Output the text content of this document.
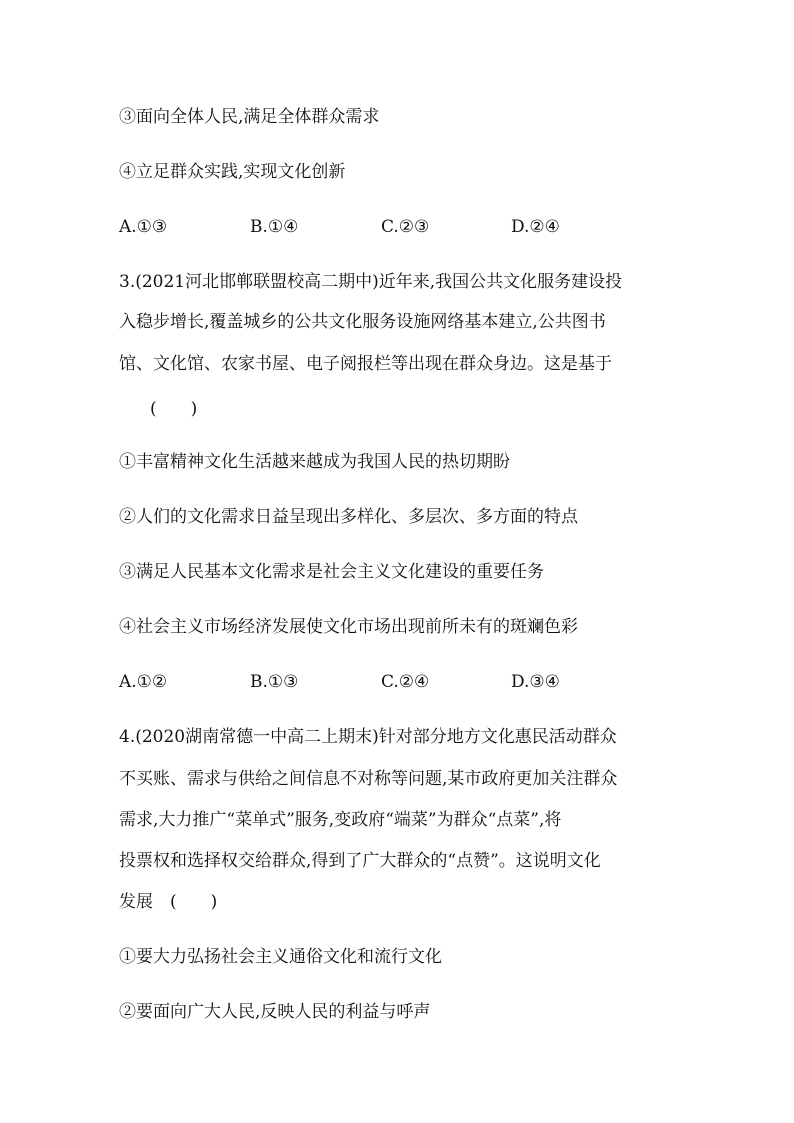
③面向全体人民,满足全体群众需求
④立足群众实践,实现文化创新
A.①③	B.①④	C.②③	D.②④
3.(2021河北邯郸联盟校高二期中)近年来,我国公共文化服务建设投
入稳步增长,覆盖城乡的公共文化服务设施网络基本建立,公共图书
馆、文化馆、农家书屋、电子阅报栏等出现在群众身边。这是基于
(　　)
①丰富精神文化生活越来越成为我国人民的热切期盼
②人们的文化需求日益呈现出多样化、多层次、多方面的特点
③满足人民基本文化需求是社会主义文化建设的重要任务
④社会主义市场经济发展使文化市场出现前所未有的斑斓色彩
A.①②	B.①③	C.②④	D.③④
4.(2020湖南常德一中高二上期末)针对部分地方文化惠民活动群众
不买账、需求与供给之间信息不对称等问题,某市政府更加关注群众
需求,大力推广“菜单式”服务,变政府“端菜”为群众“点菜”,将
投票权和选择权交给群众,得到了广大群众的“点赞”。这说明文化
发展　(　　)
①要大力弘扬社会主义通俗文化和流行文化
②要面向广大人民,反映人民的利益与呼声
